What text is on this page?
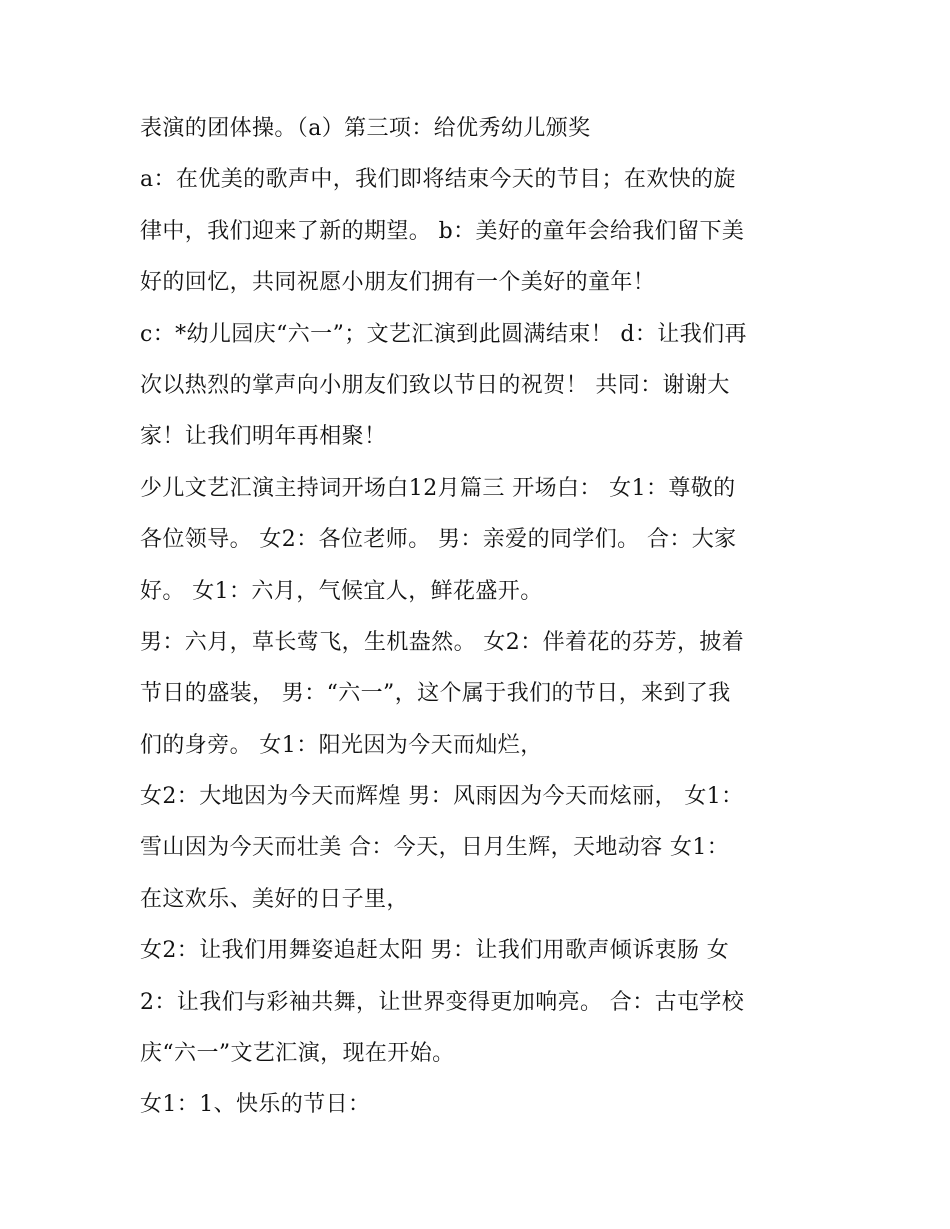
表演的团体操。（a）第三项：给优秀幼儿颁奖
a：在优美的歌声中，我们即将结束今天的节目；在欢快的旋
律中，我们迎来了新的期望。 b：美好的童年会给我们留下美
好的回忆，共同祝愿小朋友们拥有一个美好的童年！
c：*幼儿园庆“六一”；文艺汇演到此圆满结束！ d：让我们再
次以热烈的掌声向小朋友们致以节日的祝贺！ 共同：谢谢大
家！让我们明年再相聚！
少儿文艺汇演主持词开场白12月篇三 开场白： 女1：尊敬的
各位领导。 女2：各位老师。 男：亲爱的同学们。 合：大家
好。 女1：六月，气候宜人，鲜花盛开。
男：六月，草长莺飞，生机盎然。 女2：伴着花的芬芳，披着
节日的盛装， 男：“六一”，这个属于我们的节日，来到了我
们的身旁。 女1：阳光因为今天而灿烂，
女2：大地因为今天而辉煌 男：风雨因为今天而炫丽， 女1：
雪山因为今天而壮美 合：今天，日月生辉，天地动容 女1：
在这欢乐、美好的日子里，
女2：让我们用舞姿追赶太阳 男：让我们用歌声倾诉衷肠 女
2：让我们与彩袖共舞，让世界变得更加响亮。 合：古屯学校
庆“六一”文艺汇演，现在开始。
女1：1、快乐的节日：
